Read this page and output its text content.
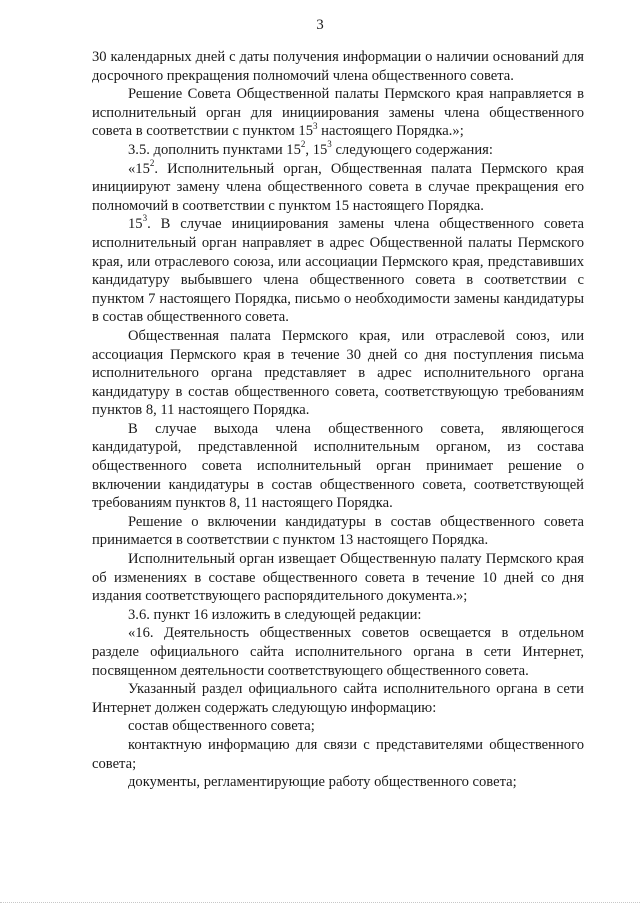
3

30 календарных дней с даты получения информации о наличии оснований для досрочного прекращения полномочий члена общественного совета.

Решение Совета Общественной палаты Пермского края направляется в исполнительный орган для инициирования замены члена общественного совета в соответствии с пунктом $15^3$ настоящего Порядка.»;

3.5. дополнить пунктами $15^2$, $15^3$ следующего содержания:

«$15^2$. Исполнительный орган, Общественная палата Пермского края инициируют замену члена общественного совета в случае прекращения его полномочий в соответствии с пунктом 15 настоящего Порядка.

$15^3$. В случае инициирования замены члена общественного совета исполнительный орган направляет в адрес Общественной палаты Пермского края, или отраслевого союза, или ассоциации Пермского края, представивших кандидатуру выбывшего члена общественного совета в соответствии с пунктом 7 настоящего Порядка, письмо о необходимости замены кандидатуры в состав общественного совета.

Общественная палата Пермского края, или отраслевой союз, или ассоциация Пермского края в течение 30 дней со дня поступления письма исполнительного органа представляет в адрес исполнительного органа кандидатуру в состав общественного совета, соответствующую требованиям пунктов 8, 11 настоящего Порядка.

В случае выхода члена общественного совета, являющегося кандидатурой, представленной исполнительным органом, из состава общественного совета исполнительный орган принимает решение о включении кандидатуры в состав общественного совета, соответствующей требованиям пунктов 8, 11 настоящего Порядка.

Решение о включении кандидатуры в состав общественного совета принимается в соответствии с пунктом 13 настоящего Порядка.

Исполнительный орган извещает Общественную палату Пермского края об изменениях в составе общественного совета в течение 10 дней со дня издания соответствующего распорядительного документа.»;

3.6. пункт 16 изложить в следующей редакции:

«16. Деятельность общественных советов освещается в отдельном разделе официального сайта исполнительного органа в сети Интернет, посвященном деятельности соответствующего общественного совета.

Указанный раздел официального сайта исполнительного органа в сети Интернет должен содержать следующую информацию:

состав общественного совета;

контактную информацию для связи с представителями общественного совета;

документы, регламентирующие работу общественного совета;
